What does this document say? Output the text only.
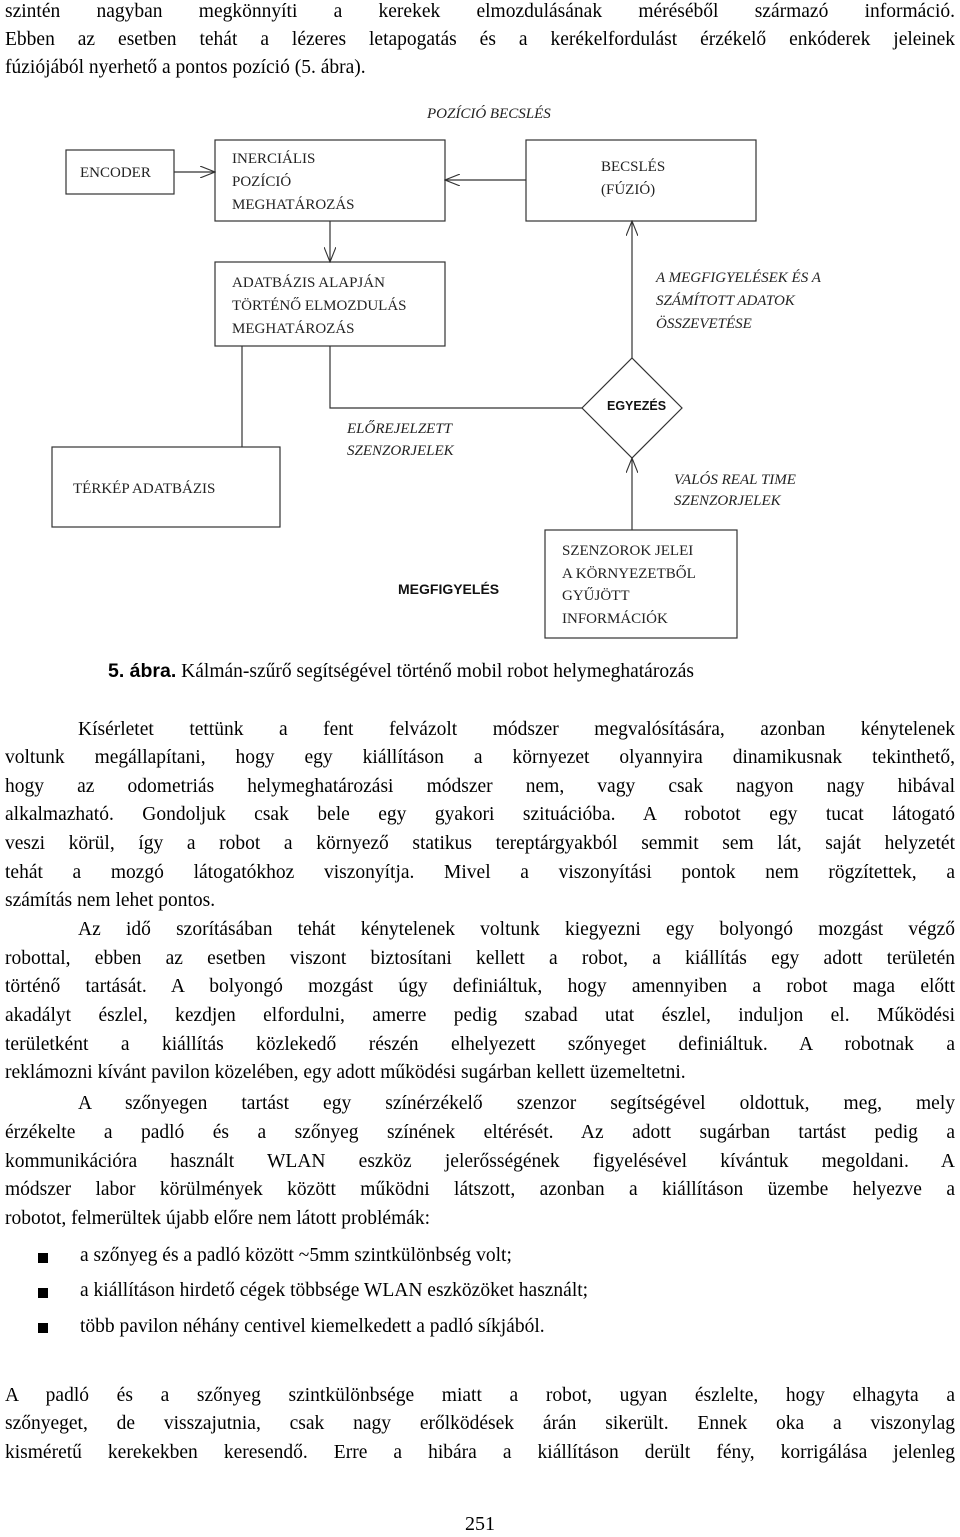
szintén nagyban megkönnyíti a kerekek elmozdulásának méréséből származó információ.
Ebben az esetben tehát a lézeres letapogatás és a kerékelfordulást érzékelő enkóderek jeleinek
fúziójából nyerhető a pontos pozíció (5. ábra).
POZÍCIÓ BECSLÉS
ENCODER
INERCIÁLIS
POZÍCIÓ
MEGHATÁROZÁS
BECSLÉS
(FÚZIÓ)
ADATBÁZIS ALAPJÁN
TÖRTÉNŐ ELMOZDULÁS
MEGHATÁROZÁS
A MEGFIGYELÉSEK ÉS A
SZÁMÍTOTT ADATOK
ÖSSZEVETÉSE
ELŐREJELZETT
SZENZORJELEK
TÉRKÉP ADATBÁZIS
VALÓS REAL TIME
SZENZORJELEK
SZENZOROK JELEI
A KÖRNYEZETBŐL
GYŰJÖTT
INFORMÁCIÓK
EGYEZÉS
MEGFIGYELÉS
5. ábra. Kálmán-szűrő segítségével történő mobil robot helymeghatározás
Kísérletet tettünk a fent felvázolt módszer megvalósítására, azonban kénytelenek
voltunk megállapítani, hogy egy kiállításon a környezet olyannyira dinamikusnak tekinthető,
hogy az odometriás helymeghatározási módszer nem, vagy csak nagyon nagy hibával
alkalmazható. Gondoljuk csak bele egy gyakori szituációba. A robotot egy tucat látogató
veszi körül, így a robot a környező statikus tereptárgyakból semmit sem lát, saját helyzetét
tehát a mozgó látogatókhoz viszonyítja. Mivel a viszonyítási pontok nem rögzítettek, a
számítás nem lehet pontos.
Az idő szorításában tehát kénytelenek voltunk kiegyezni egy bolyongó mozgást végző
robottal, ebben az esetben viszont biztosítani kellett a robot, a kiállítás egy adott területén
történő tartását. A bolyongó mozgást úgy definiáltuk, hogy amennyiben a robot maga előtt
akadályt észlel, kezdjen elfordulni, amerre pedig szabad utat észlel, induljon el. Működési
területként a kiállítás közlekedő részén elhelyezett szőnyeget definiáltuk. A robotnak a
reklámozni kívánt pavilon közelében, egy adott működési sugárban kellett üzemeltetni.
A szőnyegen tartást egy színérzékelő szenzor segítségével oldottuk, meg, mely
érzékelte a padló és a szőnyeg színének eltérését. Az adott sugárban tartást pedig a
kommunikációra használt WLAN eszköz jelerősségének figyelésével kívántuk megoldani. A
módszer labor körülmények között működni látszott, azonban a kiállításon üzembe helyezve a
robotot, felmerültek újabb előre nem látott problémák:
a szőnyeg és a padló között ~5mm szintkülönbség volt;
a kiállításon hirdető cégek többsége WLAN eszközöket használt;
több pavilon néhány centivel kiemelkedett a padló síkjából.
A padló és a szőnyeg szintkülönbsége miatt a robot, ugyan észlelte, hogy elhagyta a
szőnyeget, de visszajutnia, csak nagy erőlködések árán sikerült. Ennek oka a viszonylag
kisméretű kerekekben keresendő. Erre a hibára a kiállításon derült fény, korrigálása jelenleg
251
